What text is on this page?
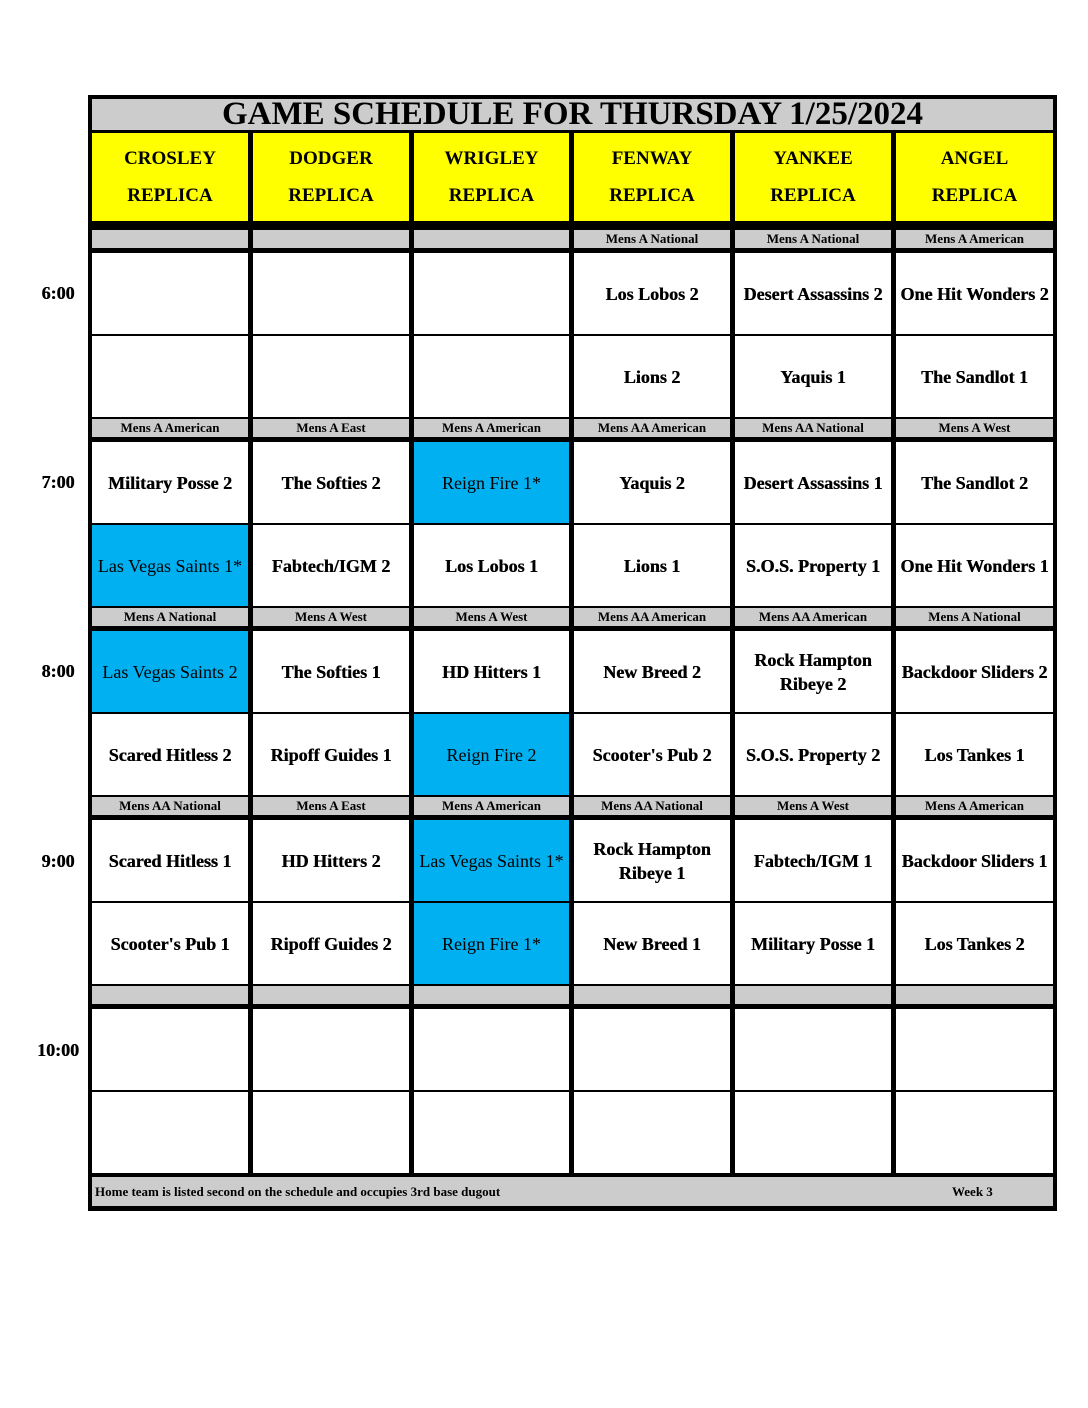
GAME SCHEDULE FOR THURSDAY 1/25/2024
CROSLEY
REPLICA
DODGER
REPLICA
WRIGLEY
REPLICA
FENWAY
REPLICA
YANKEE
REPLICA
ANGEL
REPLICA
Mens A National
Los Lobos 2
Lions 2
Mens A National
Desert Assassins 2
Yaquis 1
Mens A American
One Hit Wonders 2
The Sandlot 1
Mens A American
Military Posse 2
Las Vegas Saints 1*
Mens A East
The Softies 2
Fabtech/IGM 2
Mens A American
Reign Fire 1*
Los Lobos 1
Mens AA American
Yaquis 2
Lions 1
Mens AA National
Desert Assassins 1
S.O.S. Property 1
Mens A West
The Sandlot 2
One Hit Wonders 1
Mens A National
Las Vegas Saints 2
Scared Hitless 2
Mens A West
The Softies 1
Ripoff Guides 1
Mens A West
HD Hitters 1
Reign Fire 2
Mens AA American
New Breed 2
Scooter's Pub 2
Mens AA American
Rock Hampton Ribeye 2
S.O.S. Property 2
Mens A National
Backdoor Sliders 2
Los Tankes 1
Mens AA National
Scared Hitless 1
Scooter's Pub 1
Mens A East
HD Hitters 2
Ripoff Guides 2
Mens A American
Las Vegas Saints 1*
Reign Fire 1*
Mens AA National
Rock Hampton Ribeye 1
New Breed 1
Mens A West
Fabtech/IGM 1
Military Posse 1
Mens A American
Backdoor Sliders 1
Los Tankes 2
Home team is listed second on the schedule and occupies 3rd base dugout	Week 3
6:00
7:00
8:00
9:00
10:00
